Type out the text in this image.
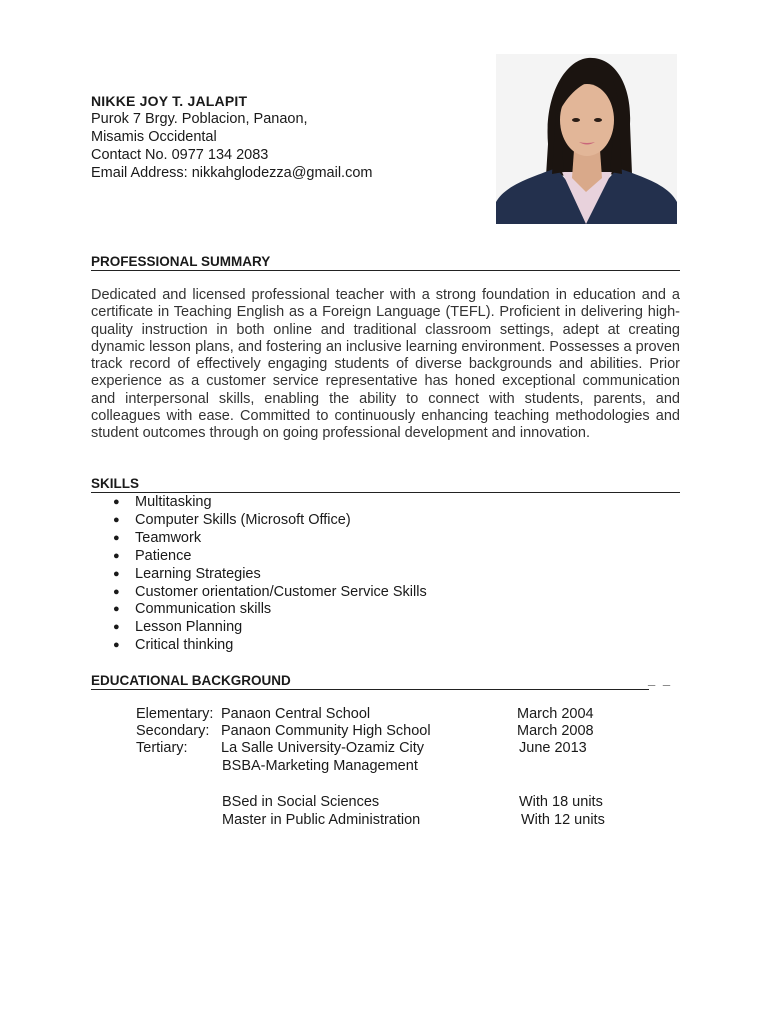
NIKKE JOY T. JALAPIT
Purok 7 Brgy. Poblacion, Panaon,
Misamis Occidental
Contact No. 0977 134 2083
Email Address: nikkahglodezza@gmail.com
PROFESSIONAL SUMMARY
Dedicated and licensed professional teacher with a strong foundation in education and a certificate in Teaching English as a Foreign Language (TEFL). Proficient in delivering high-quality instruction in both online and traditional classroom settings, adept at creating dynamic lesson plans, and fostering an inclusive learning environment. Possesses a proven track record of effectively engaging students of diverse backgrounds and abilities. Prior experience as a customer service representative has honed exceptional communication and interpersonal skills, enabling the ability to connect with students, parents, and colleagues with ease. Committed to continuously enhancing teaching methodologies and student outcomes through on going professional development and innovation.
SKILLS
● Multitasking
● Computer Skills (Microsoft Office)
● Teamwork
● Patience
● Learning Strategies
● Customer orientation/Customer Service Skills
● Communication skills
● Lesson Planning
● Critical thinking
EDUCATIONAL BACKGROUND	_ _
Elementary: Panaon Central School	March 2004
Secondary: Panaon Community High School	March 2008
Tertiary: La Salle University-Ozamiz City	June 2013
BSBA-Marketing Management
BSed in Social Sciences	With 18 units
Master in Public Administration	With 12 units
